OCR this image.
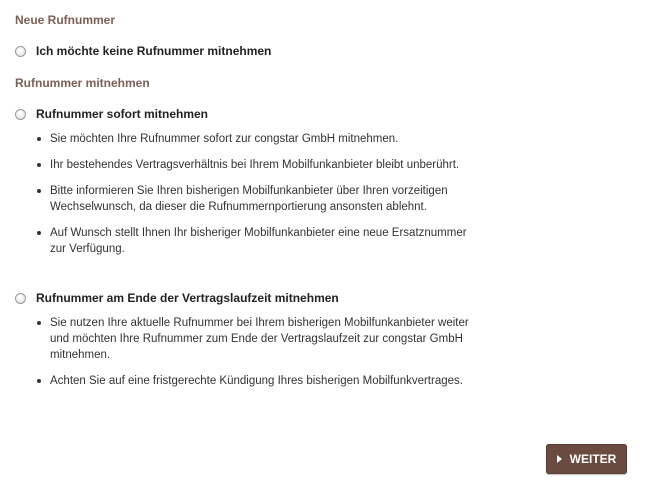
Neue Rufnummer
Ich möchte keine Rufnummer mitnehmen
Rufnummer mitnehmen
Rufnummer sofort mitnehmen
Sie möchten Ihre Rufnummer sofort zur congstar GmbH mitnehmen.
Ihr bestehendes Vertragsverhältnis bei Ihrem Mobilfunkanbieter bleibt unberührt.
Bitte informieren Sie Ihren bisherigen Mobilfunkanbieter über Ihren vorzeitigen Wechselwunsch, da dieser die Rufnummernportierung ansonsten ablehnt.
Auf Wunsch stellt Ihnen Ihr bisheriger Mobilfunkanbieter eine neue Ersatznummer zur Verfügung.
Rufnummer am Ende der Vertragslaufzeit mitnehmen
Sie nutzen Ihre aktuelle Rufnummer bei Ihrem bisherigen Mobilfunkanbieter weiter und möchten Ihre Rufnummer zum Ende der Vertragslaufzeit zur congstar GmbH mitnehmen.
Achten Sie auf eine fristgerechte Kündigung Ihres bisherigen Mobilfunkvertrages.
WEITER
